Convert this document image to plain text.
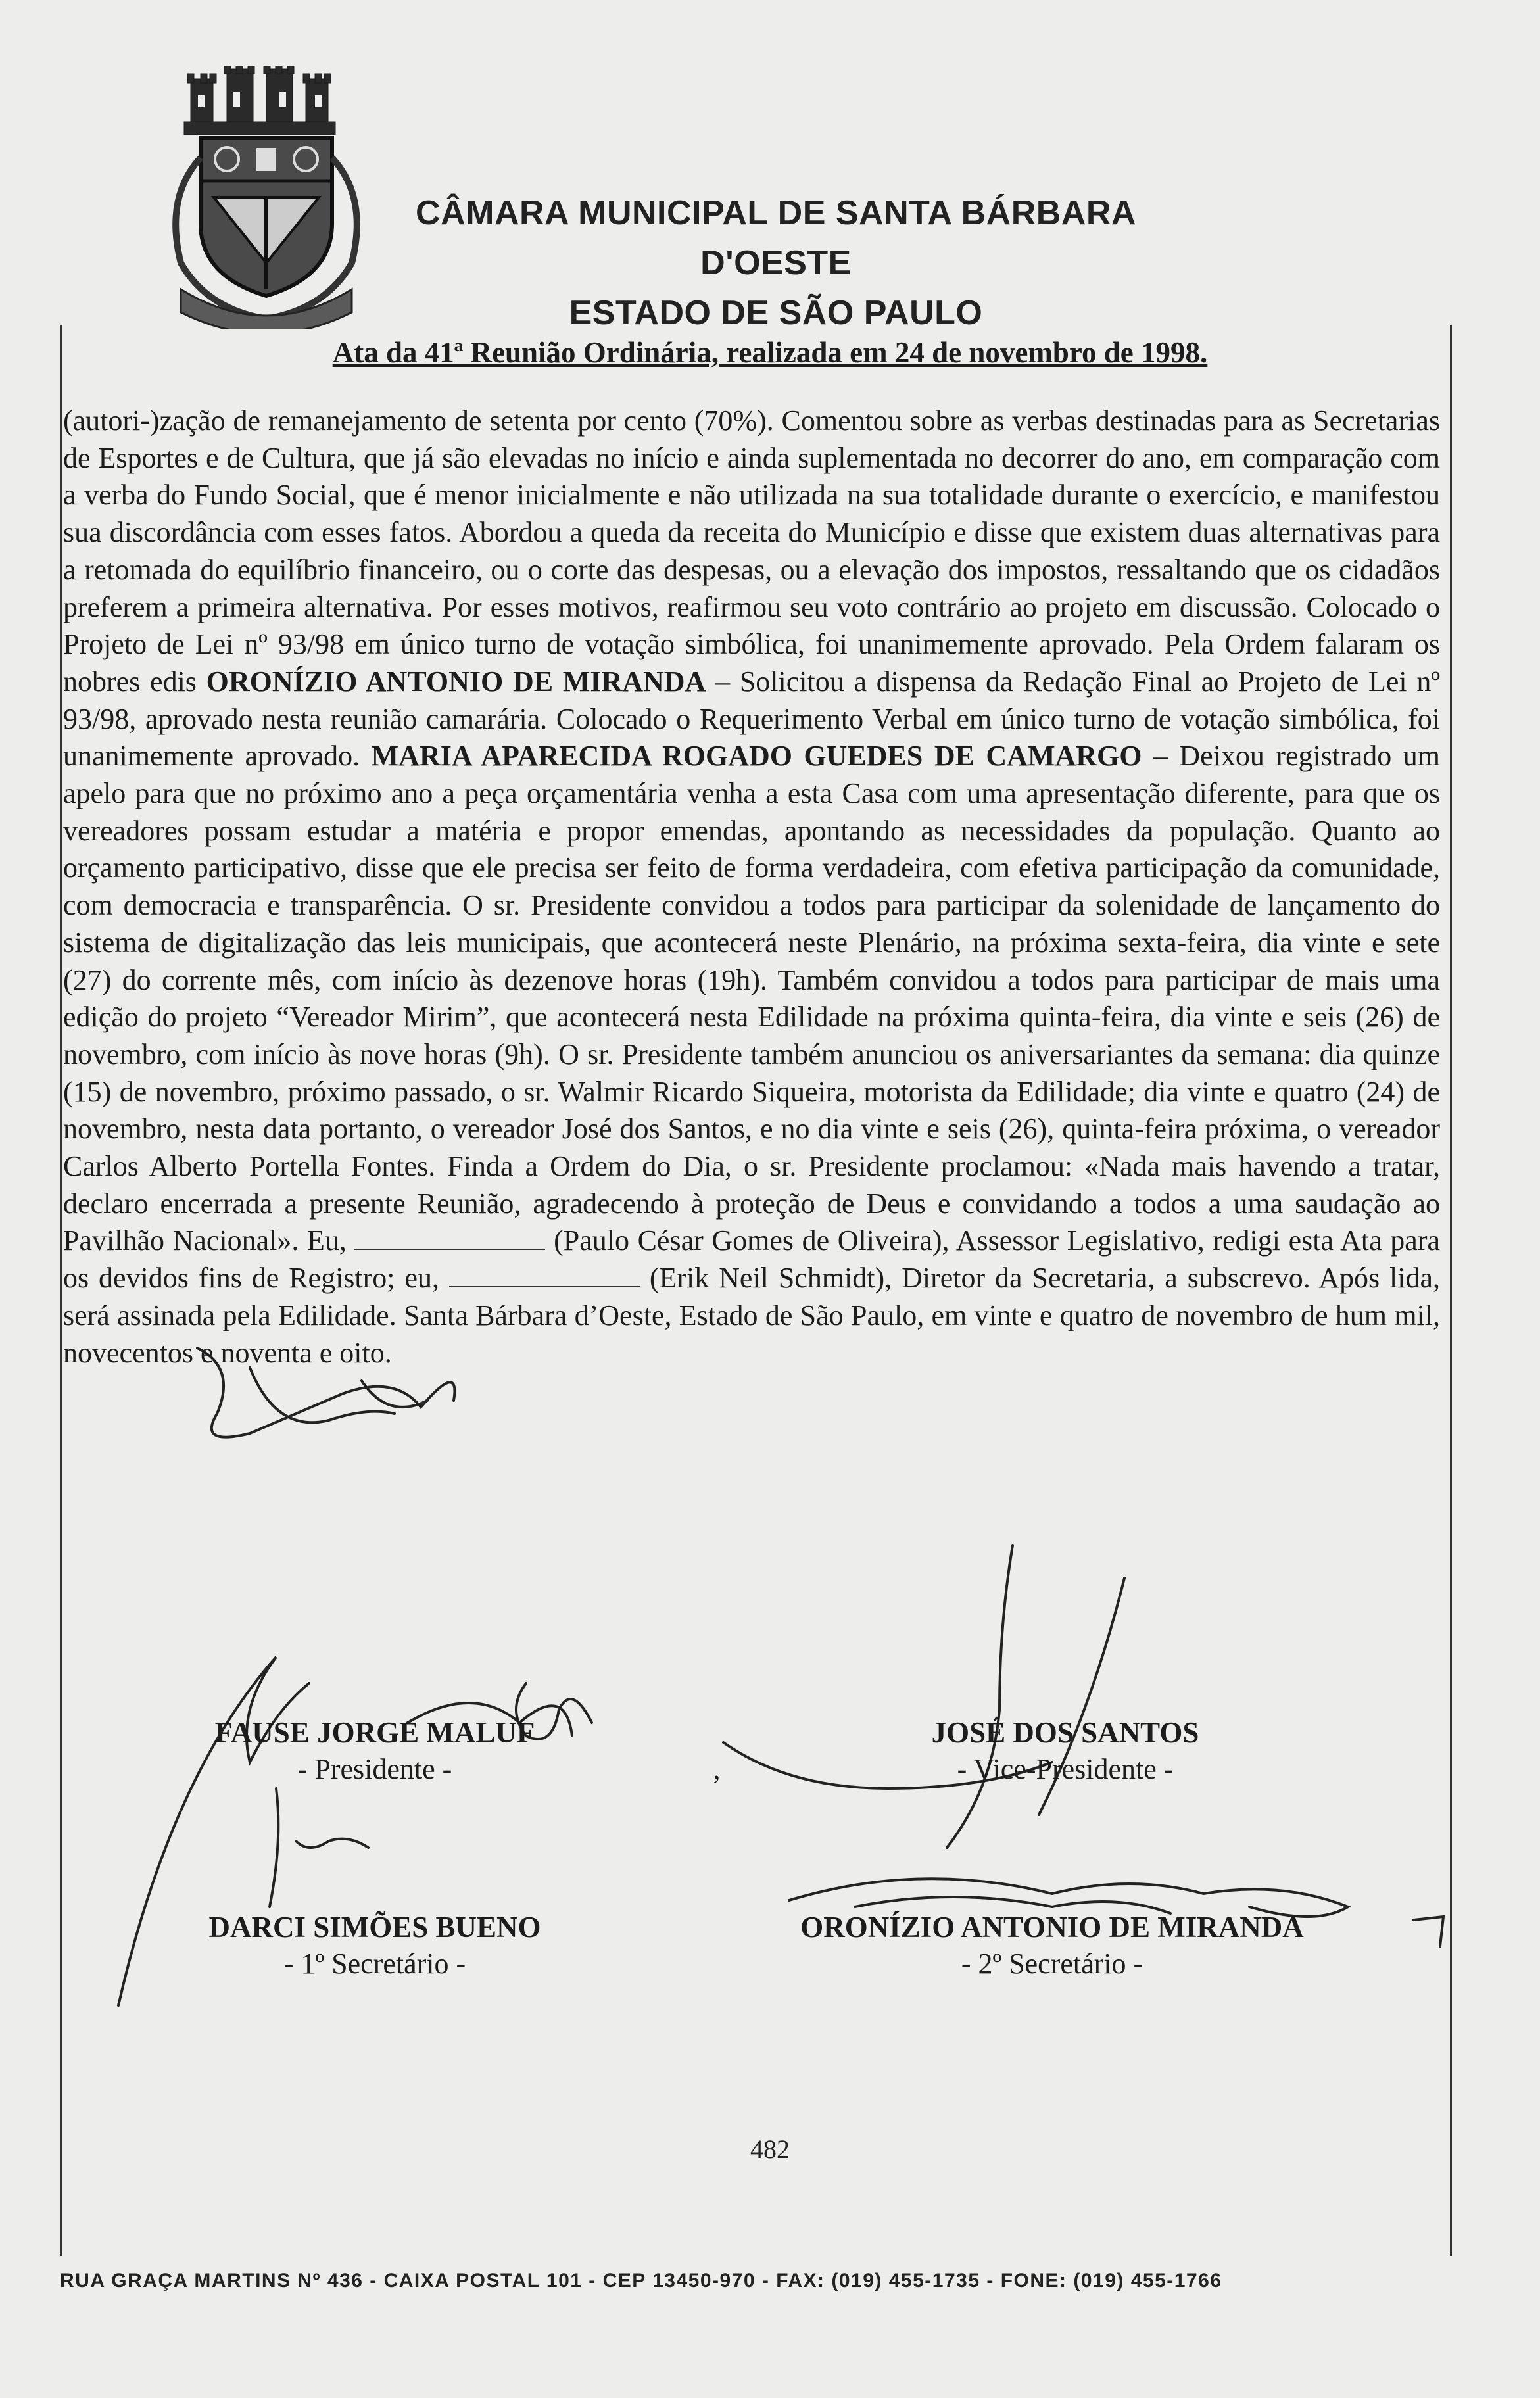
CÂMARA MUNICIPAL DE SANTA BÁRBARA D'OESTE
ESTADO DE SÃO PAULO
Ata da 41ª Reunião Ordinária, realizada em 24 de novembro de 1998.

(autori-)zação de remanejamento de setenta por cento (70%). Comentou sobre as verbas destinadas para as Secretarias de Esportes e de Cultura, que já são elevadas no início e ainda suplementada no decorrer do ano, em comparação com a verba do Fundo Social, que é menor inicialmente e não utilizada na sua totalidade durante o exercício, e manifestou sua discordância com esses fatos. Abordou a queda da receita do Município e disse que existem duas alternativas para a retomada do equilíbrio financeiro, ou o corte das despesas, ou a elevação dos impostos, ressaltando que os cidadãos preferem a primeira alternativa. Por esses motivos, reafirmou seu voto contrário ao projeto em discussão. Colocado o Projeto de Lei nº 93/98 em único turno de votação simbólica, foi unanimemente aprovado. Pela Ordem falaram os nobres edis ORONÍZIO ANTONIO DE MIRANDA – Solicitou a dispensa da Redação Final ao Projeto de Lei nº 93/98, aprovado nesta reunião camarária. Colocado o Requerimento Verbal em único turno de votação simbólica, foi unanimemente aprovado. MARIA APARECIDA ROGADO GUEDES DE CAMARGO – Deixou registrado um apelo para que no próximo ano a peça orçamentária venha a esta Casa com uma apresentação diferente, para que os vereadores possam estudar a matéria e propor emendas, apontando as necessidades da população. Quanto ao orçamento participativo, disse que ele precisa ser feito de forma verdadeira, com efetiva participação da comunidade, com democracia e transparência. O sr. Presidente convidou a todos para participar da solenidade de lançamento do sistema de digitalização das leis municipais, que acontecerá neste Plenário, na próxima sexta-feira, dia vinte e sete (27) do corrente mês, com início às dezenove horas (19h). Também convidou a todos para participar de mais uma edição do projeto “Vereador Mirim”, que acontecerá nesta Edilidade na próxima quinta-feira, dia vinte e seis (26) de novembro, com início às nove horas (9h). O sr. Presidente também anunciou os aniversariantes da semana: dia quinze (15) de novembro, próximo passado, o sr. Walmir Ricardo Siqueira, motorista da Edilidade; dia vinte e quatro (24) de novembro, nesta data portanto, o vereador José dos Santos, e no dia vinte e seis (26), quinta-feira próxima, o vereador Carlos Alberto Portella Fontes. Finda a Ordem do Dia, o sr. Presidente proclamou: «Nada mais havendo a tratar, declaro encerrada a presente Reunião, agradecendo à proteção de Deus e convidando a todos a uma saudação ao Pavilhão Nacional». Eu,	(Paulo César Gomes de Oliveira), Assessor Legislativo, redigi esta Ata para os devidos fins de Registro; eu,	(Erik Neil Schmidt), Diretor da Secretaria, a subscrevo. Após lida, será assinada pela Edilidade. Santa Bárbara d’Oeste, Estado de São Paulo, em vinte e quatro de novembro de hum mil, novecentos e noventa e oito.

FAUSE JORGE MALUF
- Presidente -	,
JOSÉ DOS SANTOS
- Vice-Presidente -
DARCI SIMÕES BUENO
- 1º Secretário -
ORONÍZIO ANTONIO DE MIRANDA
- 2º Secretário -
482
RUA GRAÇA MARTINS Nº 436 - CAIXA POSTAL 101 - CEP 13450-970 - FAX: (019) 455-1735 - FONE: (019) 455-1766
